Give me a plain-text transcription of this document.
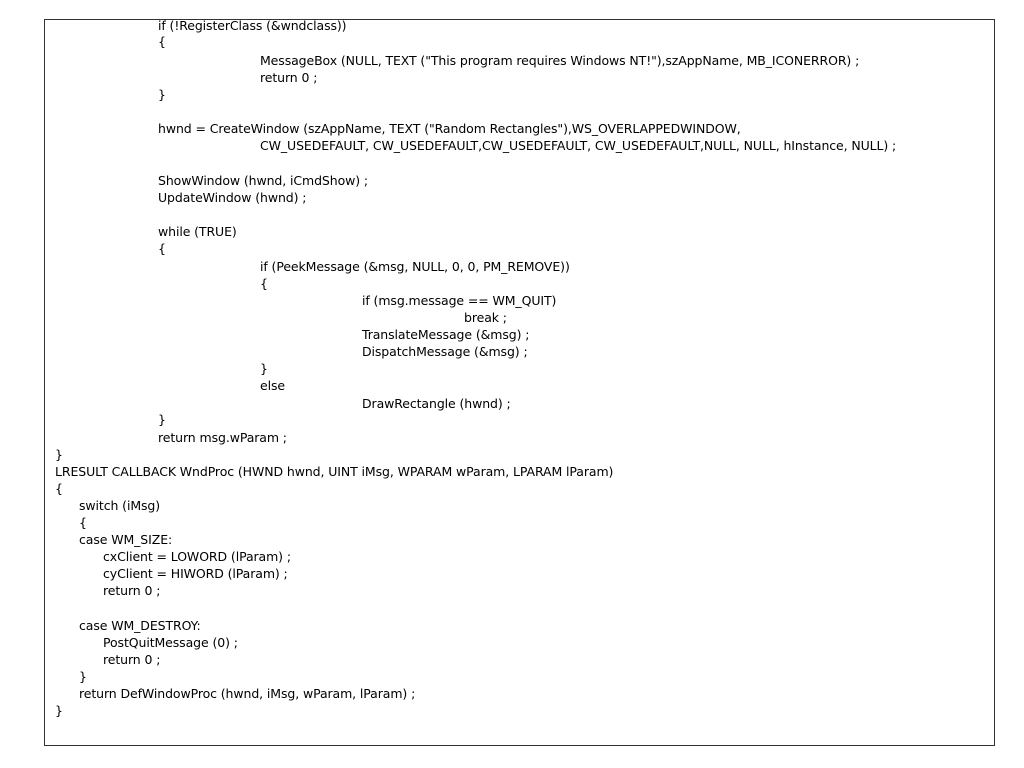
if (!RegisterClass (&wndclass))
{
MessageBox (NULL, TEXT ("This program requires Windows NT!"),szAppName, MB_ICONERROR) ;
return 0 ;
}
hwnd = CreateWindow (szAppName, TEXT ("Random Rectangles"),WS_OVERLAPPEDWINDOW,
CW_USEDEFAULT, CW_USEDEFAULT,CW_USEDEFAULT, CW_USEDEFAULT,NULL, NULL, hInstance, NULL) ;
ShowWindow (hwnd, iCmdShow) ;
UpdateWindow (hwnd) ;
while (TRUE)
{
if (PeekMessage (&msg, NULL, 0, 0, PM_REMOVE))
{
if (msg.message == WM_QUIT)
break ;
TranslateMessage (&msg) ;
DispatchMessage (&msg) ;
}
else
DrawRectangle (hwnd) ;
}
return msg.wParam ;
}
LRESULT CALLBACK WndProc (HWND hwnd, UINT iMsg, WPARAM wParam, LPARAM lParam)
{
switch (iMsg)
{
case WM_SIZE:
cxClient = LOWORD (lParam) ;
cyClient = HIWORD (lParam) ;
return 0 ;
case WM_DESTROY:
PostQuitMessage (0) ;
return 0 ;
}
return DefWindowProc (hwnd, iMsg, wParam, lParam) ;
}
